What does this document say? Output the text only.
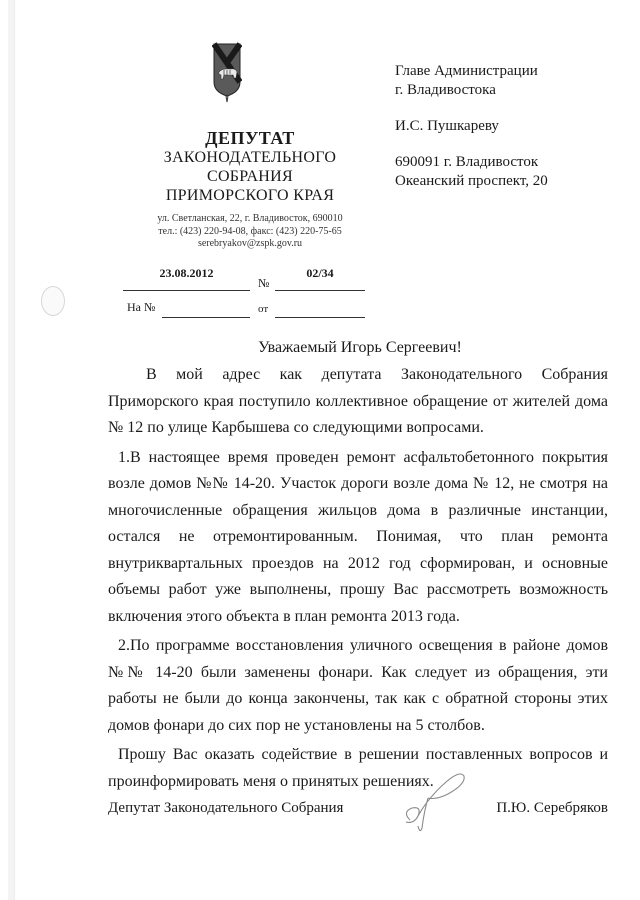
ДЕПУТАТ
ЗАКОНОДАТЕЛЬНОГО
СОБРАНИЯ
ПРИМОРСКОГО КРАЯ
ул. Светланская, 22, г. Владивосток, 690010
тел.: (423) 220-94-08, факс: (423) 220-75-65
serebryakov@zspk.gov.ru
Главе Администрации
г. Владивостока
И.С. Пушкареву
690091 г. Владивосток
Океанский проспект, 20
23.08.2012
№
02/34
На №	от
Уважаемый Игорь Сергеевич!

В мой адрес как депутата Законодательного Собрания Приморского края поступило коллективное обращение от жителей дома № 12 по улице Карбышева со следующими вопросами.

1.В настоящее время проведен ремонт асфальтобетонного покрытия возле домов №№ 14-20. Участок дороги возле дома № 12, не смотря на многочисленные обращения жильцов дома в различные инстанции, остался не отремонтированным. Понимая, что план ремонта внутриквартальных проездов на 2012 год сформирован, и основные объемы работ уже выполнены, прошу Вас рассмотреть возможность включения этого объекта в план ремонта 2013 года.

2.По программе восстановления уличного освещения в районе домов №№ 14-20 были заменены фонари. Как следует из обращения, эти работы не были до конца закончены, так как с обратной стороны этих домов фонари до сих пор не установлены на 5 столбов.

Прошу Вас оказать содействие в решении поставленных вопросов и проинформировать меня о принятых решениях.

Депутат Законодательного Собрания	П.Ю. Серебряков
